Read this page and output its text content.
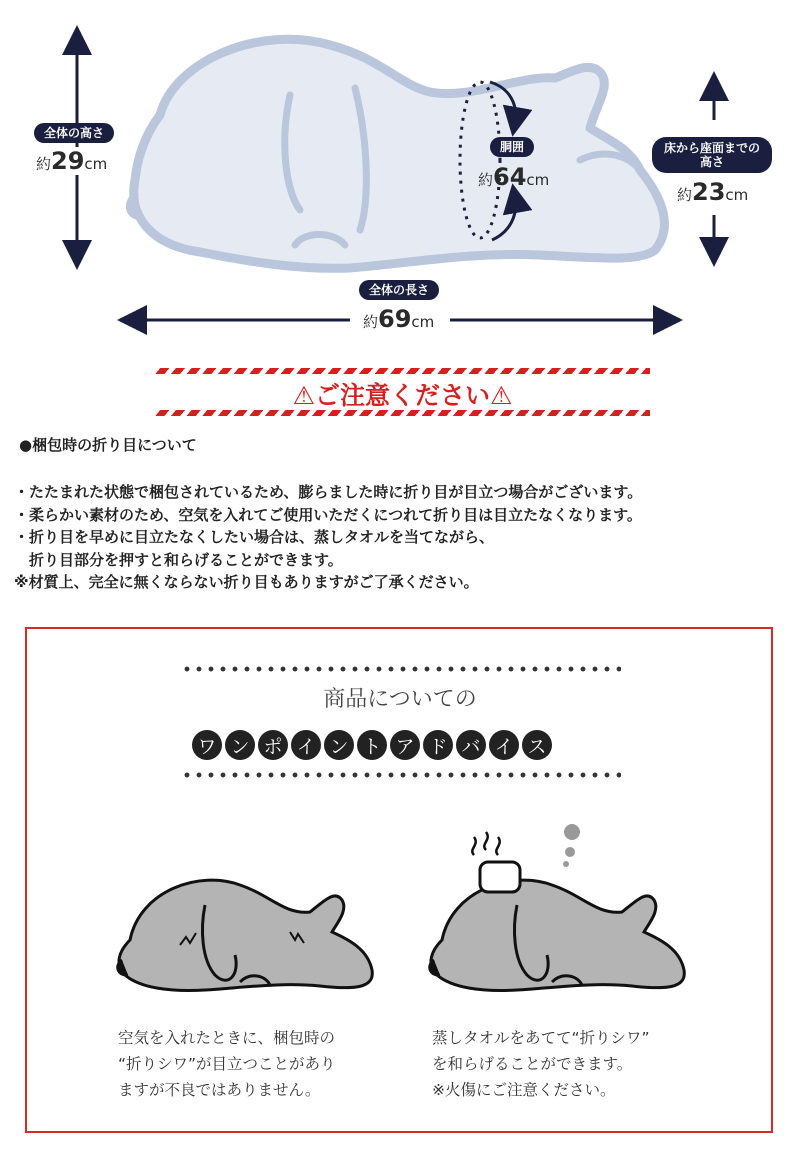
全体の高さ
約29cm
胴囲
約64cm
床から座面までの
高さ
約23cm
全体の長さ
約69cm
⚠ご注意ください⚠
●梱包時の折り目について
・たたまれた状態で梱包されているため、膨らました時に折り目が目立つ場合がございます。
・柔らかい素材のため、空気を入れてご使用いただくにつれて折り目は目立たなくなります。
・折り目を早めに目立たなくしたい場合は、蒸しタオルを当てながら、
　折り目部分を押すと和らげることができます。
※材質上、完全に無くならない折り目もありますがご了承ください。
商品についての
ワ ン ポ イ ン ト ア ド バ イ ス
空気を入れたときに、梱包時の
“折りシワ”が目立つことがあり
ますが不良ではありません。
蒸しタオルをあてて“折りシワ”
を和らげることができます。
※火傷にご注意ください。
